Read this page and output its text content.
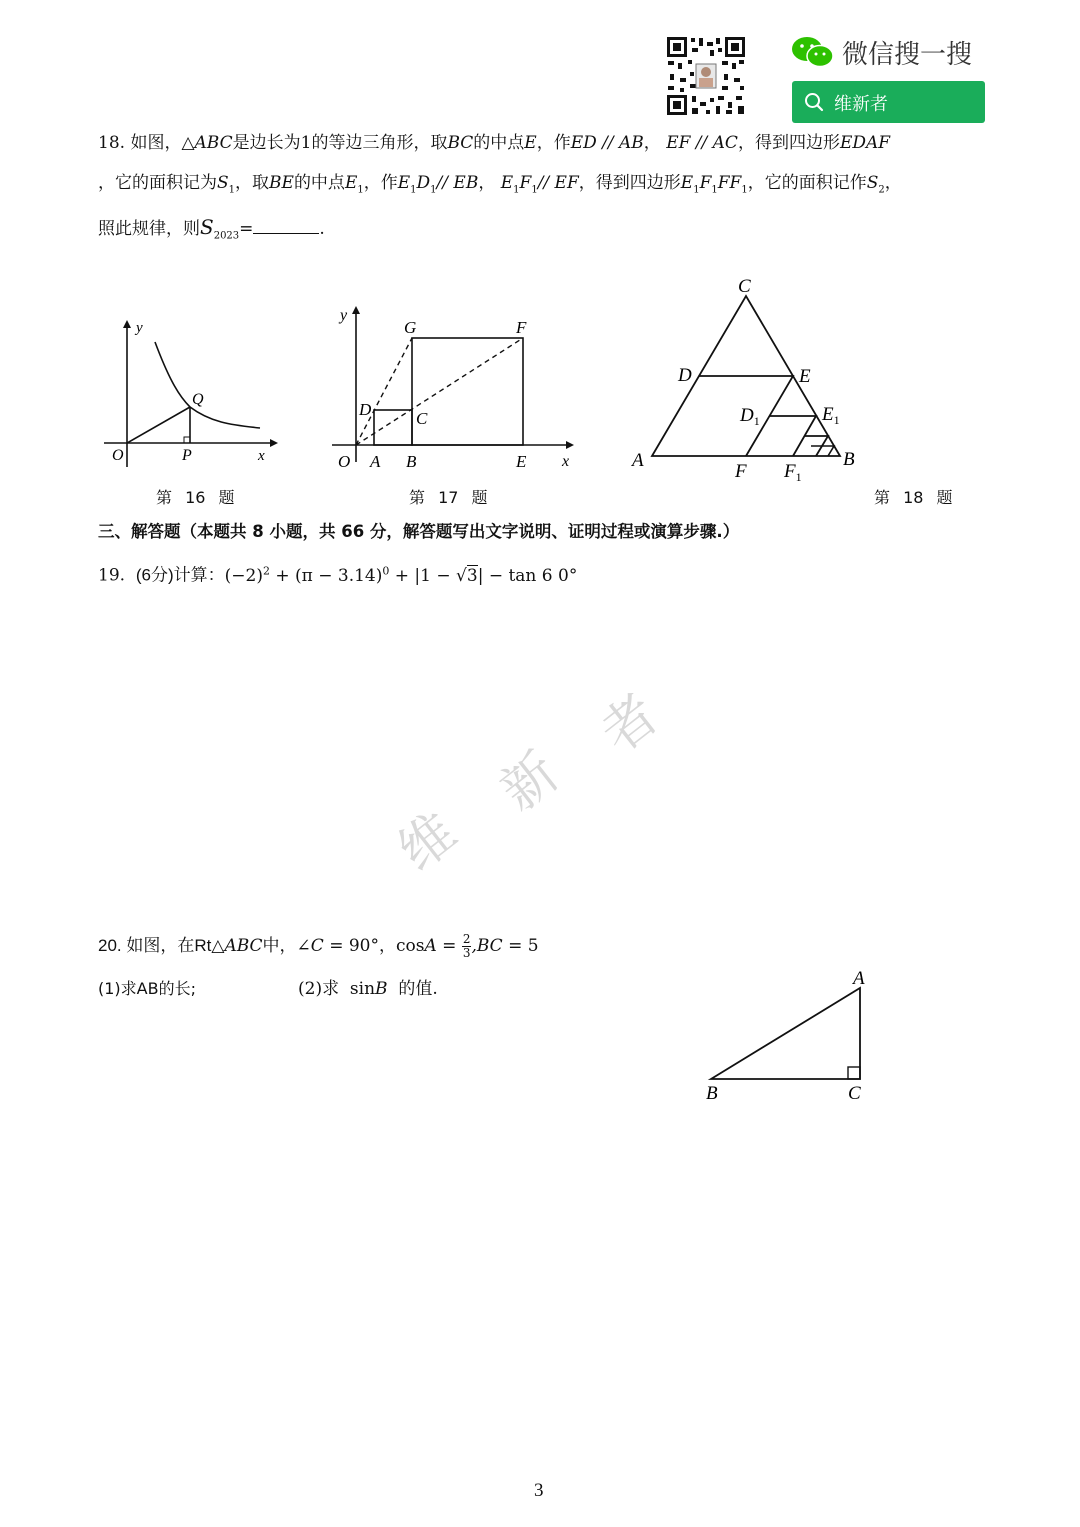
微信搜一搜
维新者
18. 如图，△ABC是边长为1的等边三角形，取BC的中点E，作ED // AB， EF // AC，得到四边形EDAF
，它的面积记为$S_1$，取BE的中点$E_1$，作$E_1D_1//$ EB， $E_1F_1//$ EF，得到四边形$E_1F_1FF_1$，它的面积记作$S_2$，
照此规律，则$S_{2023}=$	.
y
Q
O	P	x
y
G	F
D	C
O A B	E x
C
D	E
$D_1$	$E_1$
A
F $F_1$
B
第 16 题	第 17 题	第 18 题
三、解答题（本题共 8 小题，共 66 分，解答题写出文字说明、证明过程或演算步骤.）
19. (6分)计算：$(-2)^2 + (\pi - 3.14)^0 + |1 - √3| - \tan 6$ 0°
维
新
者
20. 如图，在Rt△ABC中，∠C = 90°，$\cos A = \frac{2}{3} ,BC = 5$
(1)求AB的长;	(2)求 sinB 的值.	A
B	C
3
